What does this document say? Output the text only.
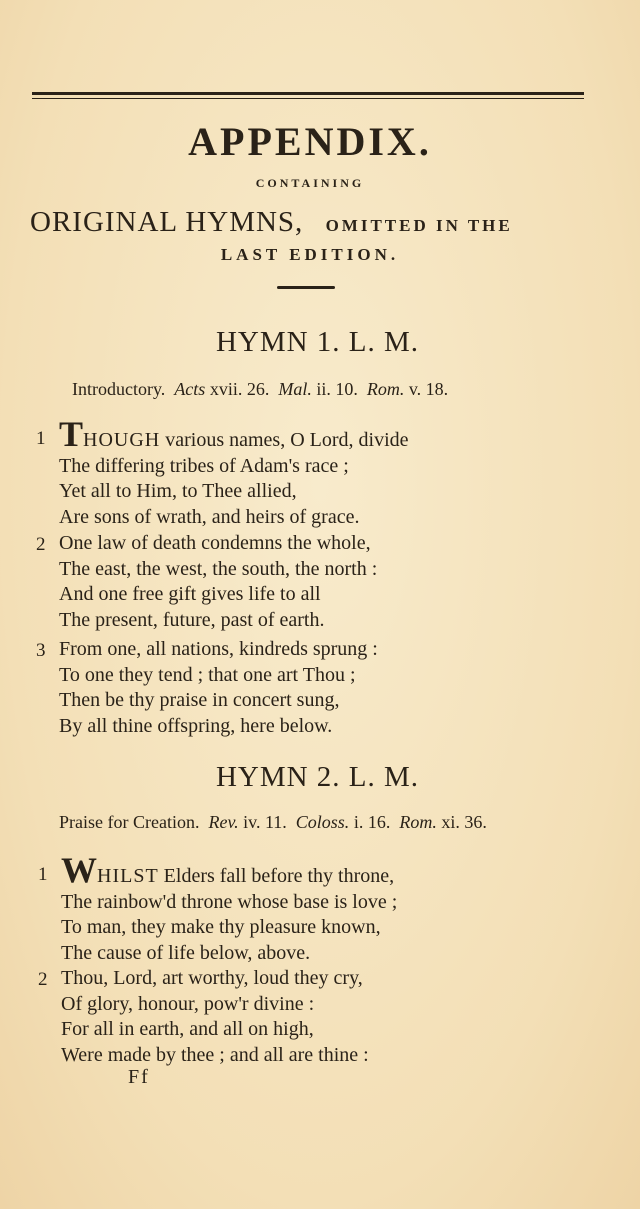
APPENDIX.
CONTAINING
ORIGINAL HYMNS, OMITTED IN THE
LAST EDITION.
HYMN 1. L. M.
Introductory. Acts xvii. 26. Mal. ii. 10. Rom. v. 18.
1 THOUGH various names, O Lord, divide
The differing tribes of Adam's race ;
Yet all to Him, to Thee allied,
Are sons of wrath, and heirs of grace.
2 One law of death condemns the whole,
The east, the west, the south, the north :
And one free gift gives life to all
The present, future, past of earth.
3 From one, all nations, kindreds sprung :
To one they tend ; that one art Thou ;
Then be thy praise in concert sung,
By all thine offspring, here below.
HYMN 2. L. M.
Praise for Creation. Rev. iv. 11. Coloss. i. 16. Rom. xi. 36.
1 WHILST Elders fall before thy throne,
The rainbow'd throne whose base is love ;
To man, they make thy pleasure known,
The cause of life below, above.
2 Thou, Lord, art worthy, loud they cry,
Of glory, honour, pow'r divine :
For all in earth, and all on high,
Were made by thee ; and all are thine :
Ff
